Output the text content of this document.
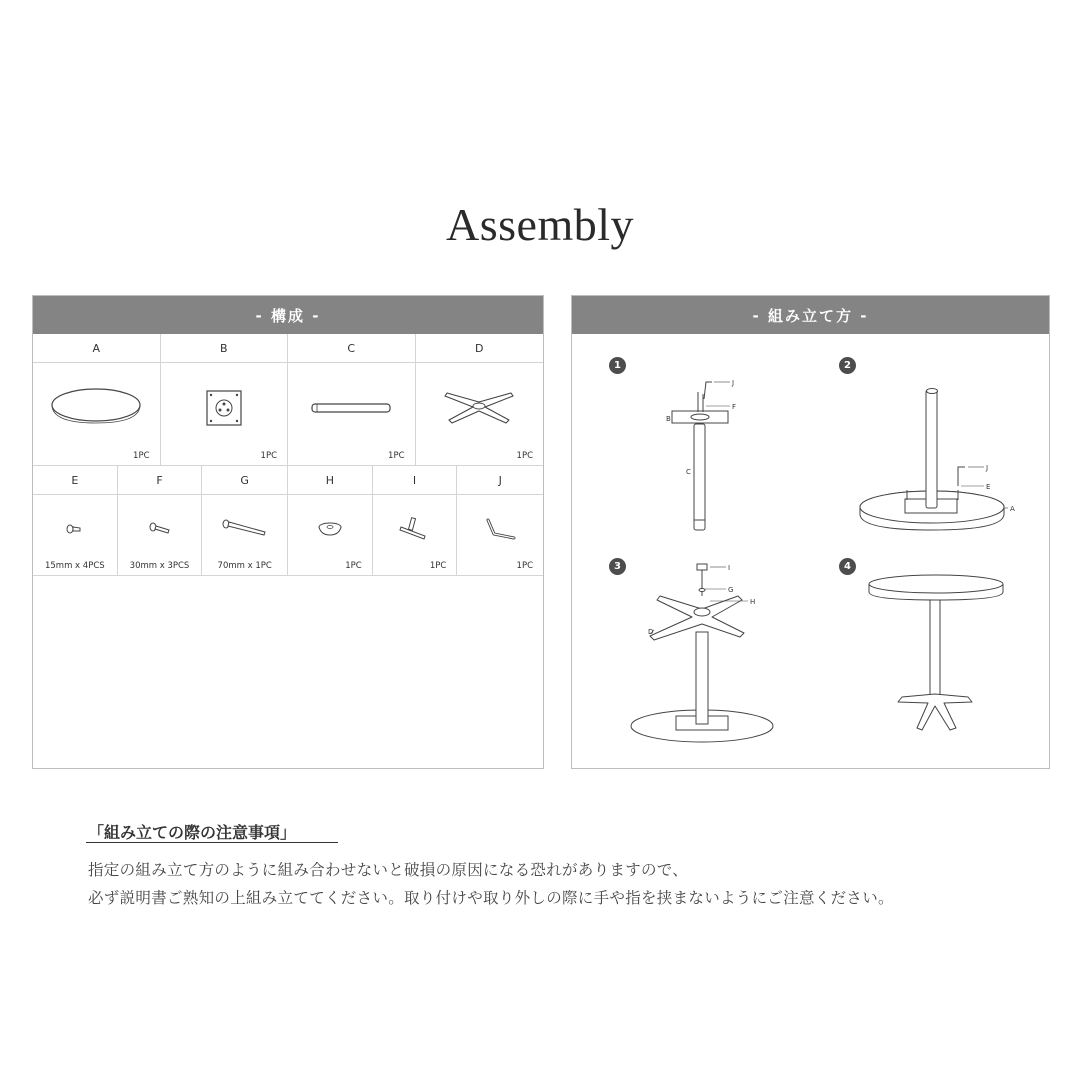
Assembly
- 構成 -
A	B	C	D
1PC	1PC	1PC	1PC
E	F	G	H	I	J
15mm x 4PCS	30mm x 3PCS	70mm x 1PC	1PC	1PC	1PC
- 組み立て方 -
1	2
3	4
J
F
B
C	J
E
A
I
G
H
D
「組み立ての際の注意事項」
指定の組み立て方のように組み合わせないと破損の原因になる恐れがありますので、
必ず説明書ご熟知の上組み立ててください。取り付けや取り外しの際に手や指を挟まないようにご注意ください。
